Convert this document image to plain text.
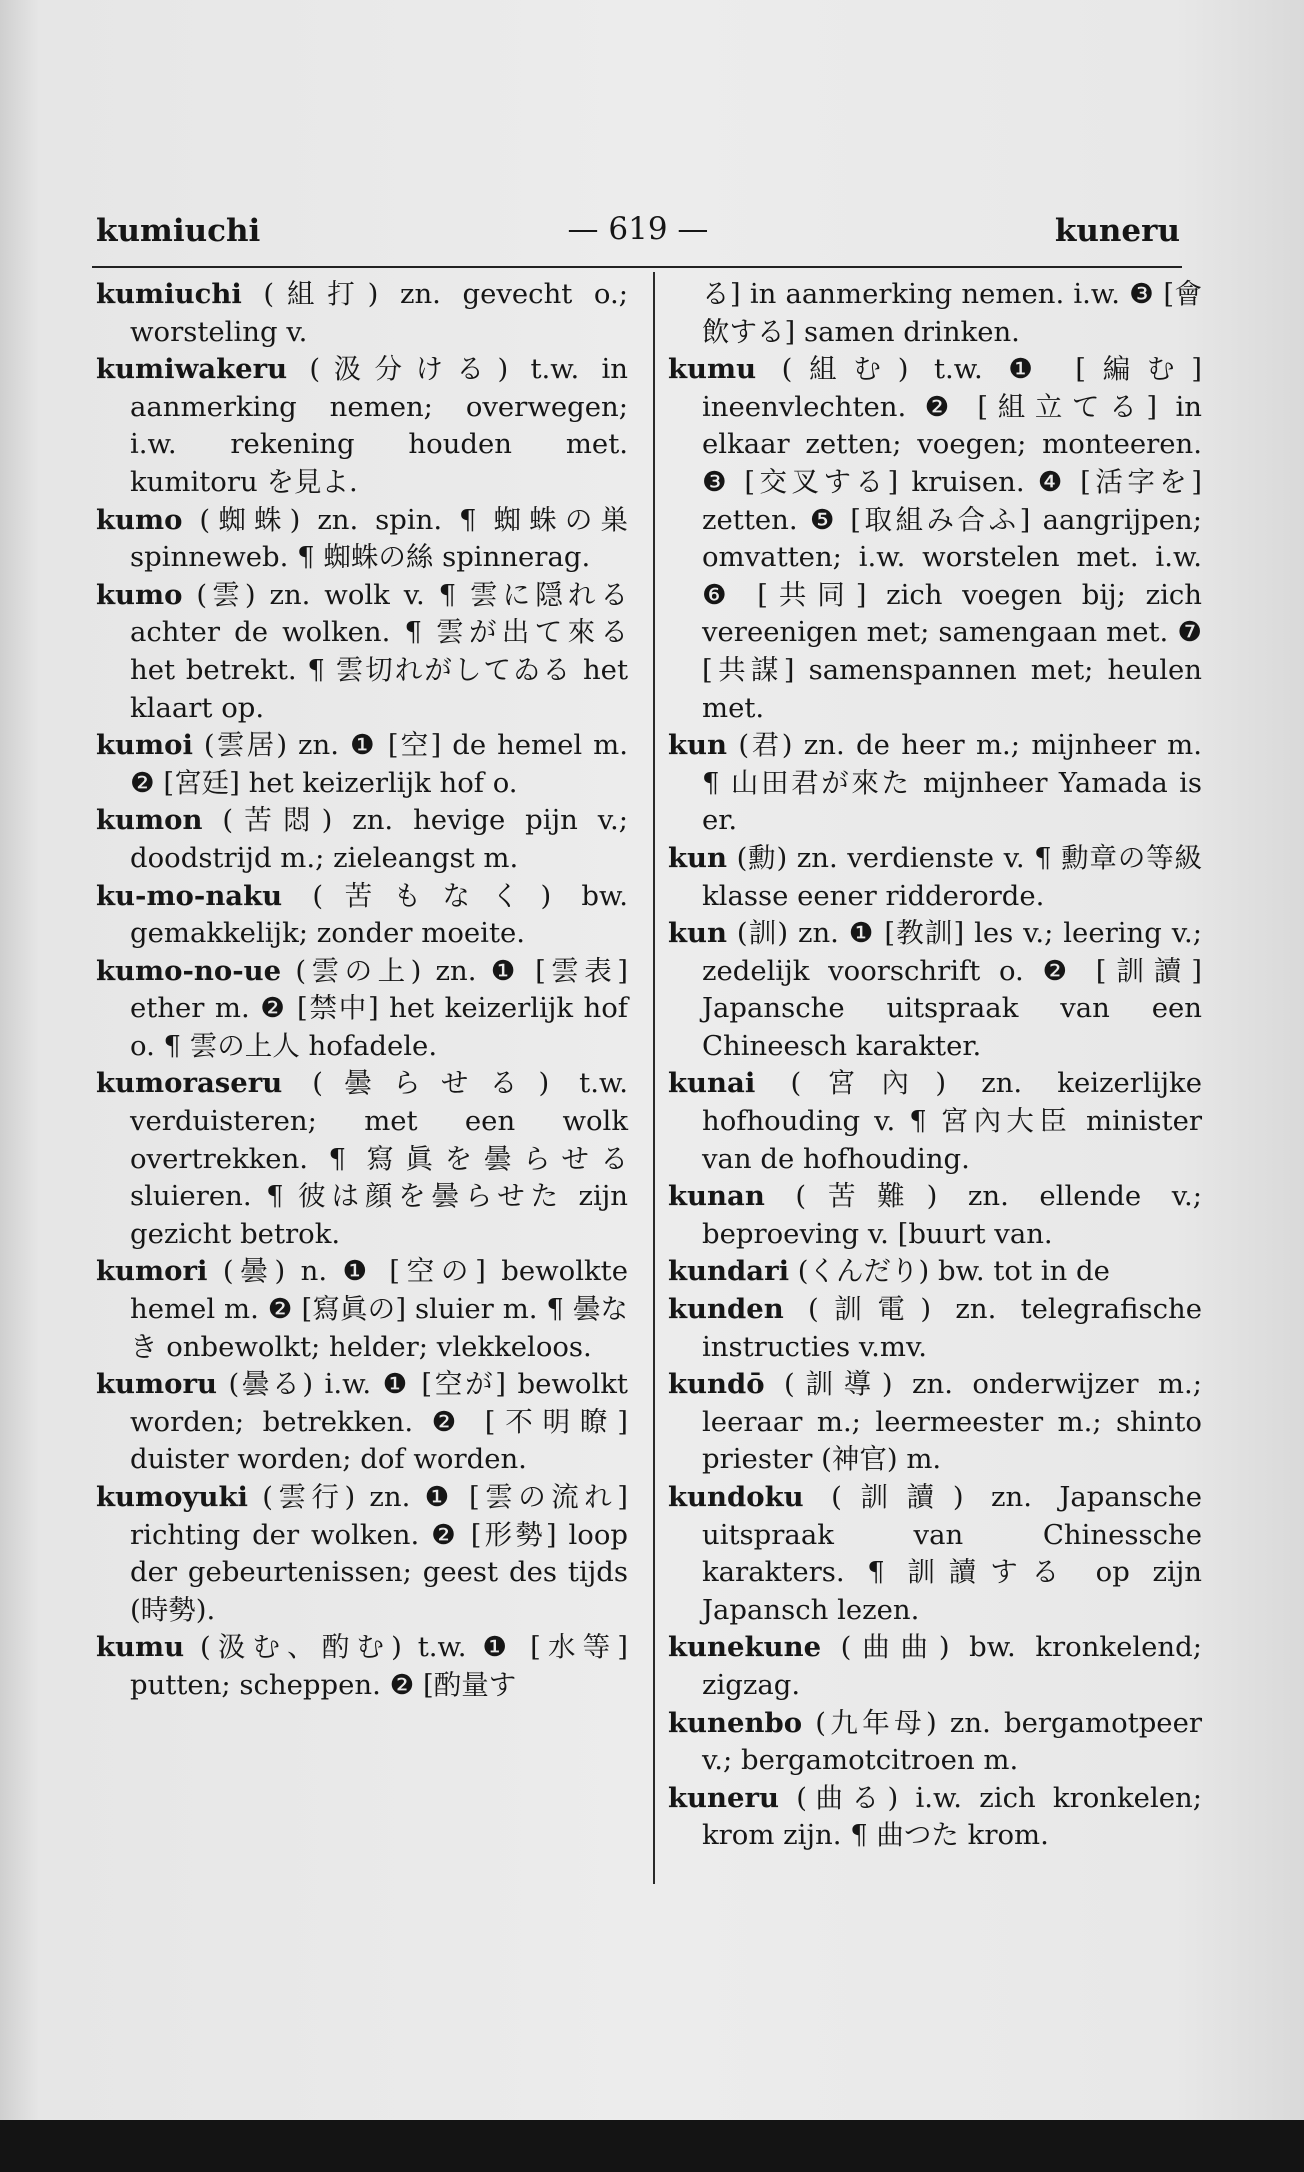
kumiuchi	— 619 —	kuneru
kumiuchi (組打) zn. gevecht o.; worsteling v.
kumiwakeru (汲分ける) t.w. in aanmerking nemen; overwegen; i.w. rekening houden met. kumitoru を見よ.
kumo (蜘蛛) zn. spin. ¶ 蜘蛛の巣 spinneweb. ¶ 蜘蛛の絲 spinnerag.
kumo (雲) zn. wolk v. ¶ 雲に隠れる achter de wolken. ¶ 雲が出て來る het betrekt. ¶ 雲切れがしてゐる het klaart op.
kumoi (雲居) zn. ❶ [空] de hemel m. ❷ [宮廷] het keizerlijk hof o.
kumon (苦悶) zn. hevige pijn v.; doodstrijd m.; zieleangst m.
ku-mo-naku (苦もなく) bw. gemakkelijk; zonder moeite.
kumo-no-ue (雲の上) zn. ❶ [雲表] ether m. ❷ [禁中] het keizerlijk hof o. ¶ 雲の上人 hofadele.
kumoraseru (曇らせる) t.w. verduisteren; met een wolk overtrekken. ¶ 寫眞を曇らせる sluieren. ¶ 彼は顔を曇らせた zijn gezicht betrok.
kumori (曇) n. ❶ [空の] bewolkte hemel m. ❷ [寫眞の] sluier m. ¶ 曇なき onbewolkt; helder; vlekkeloos.
kumoru (曇る) i.w. ❶ [空が] bewolkt worden; betrekken. ❷ [不明瞭] duister worden; dof worden.
kumoyuki (雲行) zn. ❶ [雲の流れ] richting der wolken. ❷ [形勢] loop der gebeurtenissen; geest des tijds (時勢).
kumu (汲む、酌む) t.w. ❶ [水等] putten; scheppen. ❷ [酌量す
る] in aanmerking nemen. i.w. ❸ [會飲する] samen drinken.
kumu (組む) t.w. ❶ [編む] ineenvlechten. ❷ [組立てる] in elkaar zetten; voegen; monteeren. ❸ [交叉する] kruisen. ❹ [活字を] zetten. ❺ [取組み合ふ] aangrijpen; omvatten; i.w. worstelen met. i.w. ❻ [共同] zich voegen bij; zich vereenigen met; samengaan met. ❼ [共謀] samenspannen met; heulen met.
kun (君) zn. de heer m.; mijnheer m. ¶ 山田君が來た mijnheer Yamada is er.
kun (勳) zn. verdienste v. ¶ 勳章の等級 klasse eener ridderorde.
kun (訓) zn. ❶ [教訓] les v.; leering v.; zedelijk voorschrift o. ❷ [訓讀] Japansche uitspraak van een Chineesch karakter.
kunai (宮內) zn. keizerlijke hofhouding v. ¶ 宮內大臣 minister van de hofhouding.
kunan (苦難) zn. ellende v.; beproeving v. [buurt van.
kundari (くんだり) bw. tot in de
kunden (訓電) zn. telegrafische instructies v.mv.
kundō (訓導) zn. onderwijzer m.; leeraar m.; leermeester m.; shinto priester (神官) m.
kundoku (訓讀) zn. Japansche uitspraak van Chinessche karakters. ¶ 訓讀する op zijn Japansch lezen.
kunekune (曲曲) bw. kronkelend; zigzag.
kunenbo (九年母) zn. bergamotpeer v.; bergamotcitroen m.
kuneru (曲る) i.w. zich kronkelen; krom zijn. ¶ 曲つた krom.
